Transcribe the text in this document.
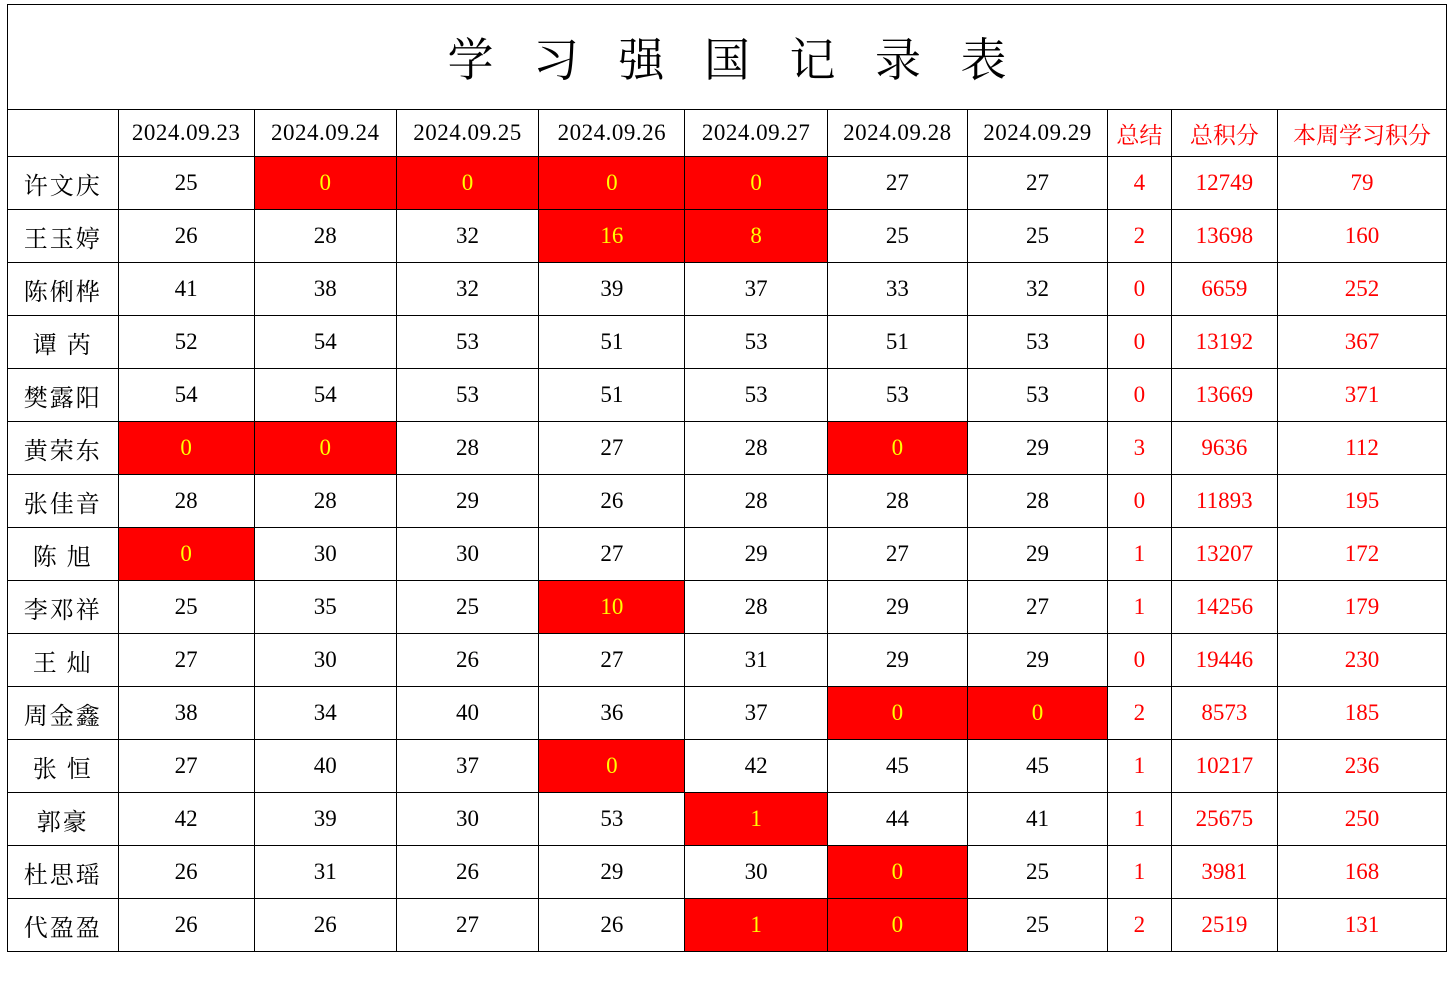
学 习 强 国 记 录 表										
	2024.09.23	2024.09.24	2024.09.25	2024.09.26	2024.09.27	2024.09.28	2024.09.29	总结	总积分	本周学习积分
许文庆	25	0	0	0	0	27	27	4	12749	79
王玉婷	26	28	32	16	8	25	25	2	13698	160
陈俐桦	41	38	32	39	37	33	32	0	6659	252
谭 芮	52	54	53	51	53	51	53	0	13192	367
樊露阳	54	54	53	51	53	53	53	0	13669	371
黄荣东	0	0	28	27	28	0	29	3	9636	112
张佳音	28	28	29	26	28	28	28	0	11893	195
陈 旭	0	30	30	27	29	27	29	1	13207	172
李邓祥	25	35	25	10	28	29	27	1	14256	179
王 灿	27	30	26	27	31	29	29	0	19446	230
周金鑫	38	34	40	36	37	0	0	2	8573	185
张 恒	27	40	37	0	42	45	45	1	10217	236
郭豪	42	39	30	53	1	44	41	1	25675	250
杜思瑶	26	31	26	29	30	0	25	1	3981	168
代盈盈	26	26	27	26	1	0	25	2	2519	131
